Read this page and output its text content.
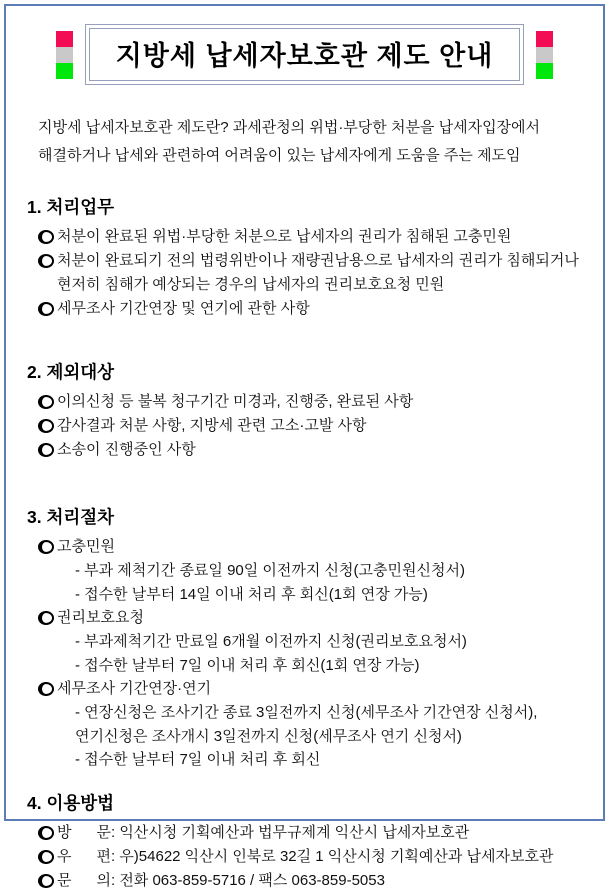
지방세 납세자보호관 제도 안내
지방세 납세자보호관 제도란? 과세관청의 위법·부당한 처분을 납세자입장에서
해결하거나 납세와 관련하여 어려움이 있는 납세자에게 도움을 주는 제도임
1. 처리업무
처분이 완료된 위법·부당한 처분으로 납세자의 권리가 침해된 고충민원
처분이 완료되기 전의 법령위반이나 재량권남용으로 납세자의 권리가 침해되거나
현저히 침해가 예상되는 경우의 납세자의 권리보호요청 민원
세무조사 기간연장 및 연기에 관한 사항
2. 제외대상
이의신청 등 불복 청구기간 미경과, 진행중, 완료된 사항
감사결과 처분 사항, 지방세 관련 고소·고발 사항
소송이 진행중인 사항
3. 처리절차
고충민원
- 부과 제척기간 종료일 90일 이전까지 신청(고충민원신청서)
- 접수한 날부터 14일 이내 처리 후 회신(1회 연장 가능)
권리보호요청
- 부과제척기간 만료일 6개월 이전까지 신청(권리보호요청서)
- 접수한 날부터 7일 이내 처리 후 회신(1회 연장 가능)
세무조사 기간연장·연기
- 연장신청은 조사기간 종료 3일전까지 신청(세무조사 기간연장 신청서),
연기신청은 조사개시 3일전까지 신청(세무조사 연기 신청서)
- 접수한 날부터 7일 이내 처리 후 회신
4. 이용방법
방      문: 익산시청 기획예산과 법무규제계 익산시 납세자보호관
우      편: 우)54622 익산시 인북로 32길 1 익산시청 기획예산과 납세자보호관
문      의: 전화 063-859-5716 / 팩스 063-859-5053
